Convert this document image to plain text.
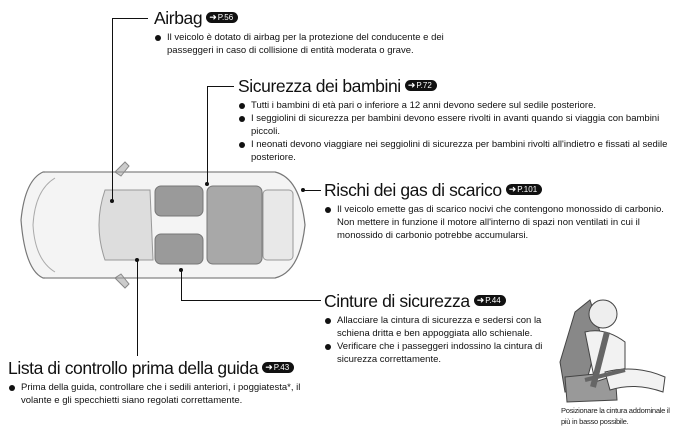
Airbag ➜P.56
Il veicolo è dotato di airbag per la protezione del conducente e dei passeggeri in caso di collisione di entità moderata o grave.
Sicurezza dei bambini ➜P.72
Tutti i bambini di età pari o inferiore a 12 anni devono sedere sul sedile posteriore.
I seggiolini di sicurezza per bambini devono essere rivolti in avanti quando si viaggia con bambini piccoli.
I neonati devono viaggiare nei seggiolini di sicurezza per bambini rivolti all'indietro e fissati al sedile posteriore.
Rischi dei gas di scarico ➜P.101
Il veicolo emette gas di scarico nocivi che contengono monossido di carbonio. Non mettere in funzione il motore all'interno di spazi non ventilati in cui il monossido di carbonio potrebbe accumularsi.
Cinture di sicurezza ➜P.44
Allacciare la cintura di sicurezza e sedersi con la schiena dritta e ben appoggiata allo schienale.
Verificare che i passeggeri indossino la cintura di sicurezza correttamente.
Lista di controllo prima della guida ➜P.43
Prima della guida, controllare che i sedili anteriori, i poggiatesta*, il volante e gli specchietti siano regolati correttamente.
Posizionare la cintura addominale il più in basso possibile.
